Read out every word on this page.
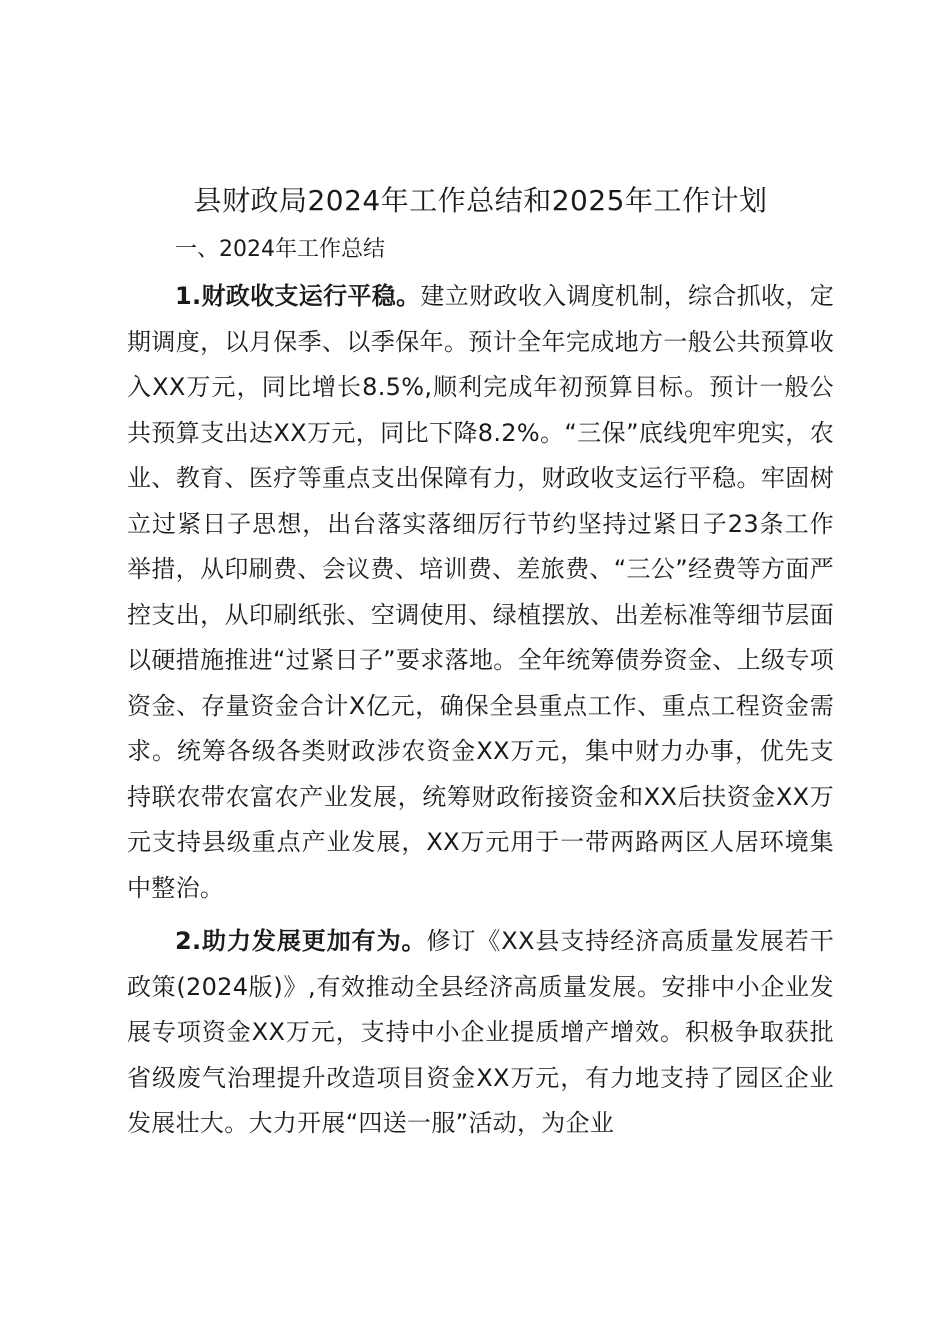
县财政局2024年工作总结和2025年工作计划
一、2024年工作总结

1.财政收支运行平稳。建立财政收入调度机制，综合抓收，定期调度，以月保季、以季保年。预计全年完成地方一般公共预算收入XX万元，同比增长8.5%,顺利完成年初预算目标。预计一般公共预算支出达XX万元，同比下降8.2%。“三保”底线兜牢兜实，农业、教育、医疗等重点支出保障有力，财政收支运行平稳。牢固树立过紧日子思想，出台落实落细厉行节约坚持过紧日子23条工作举措，从印刷费、会议费、培训费、差旅费、“三公”经费等方面严控支出，从印刷纸张、空调使用、绿植摆放、出差标准等细节层面以硬措施推进“过紧日子”要求落地。全年统筹债券资金、上级专项资金、存量资金合计X亿元，确保全县重点工作、重点工程资金需求。统筹各级各类财政涉农资金XX万元，集中财力办事，优先支持联农带农富农产业发展，统筹财政衔接资金和XX后扶资金XX万元支持县级重点产业发展，XX万元用于一带两路两区人居环境集中整治。

2.助力发展更加有为。修订《XX县支持经济高质量发展若干政策(2024版)》,有效推动全县经济高质量发展。安排中小企业发展专项资金XX万元，支持中小企业提质增产增效。积极争取获批省级废气治理提升改造项目资金XX万元，有力地支持了园区企业发展壮大。大力开展“四送一服”活动，为企业
